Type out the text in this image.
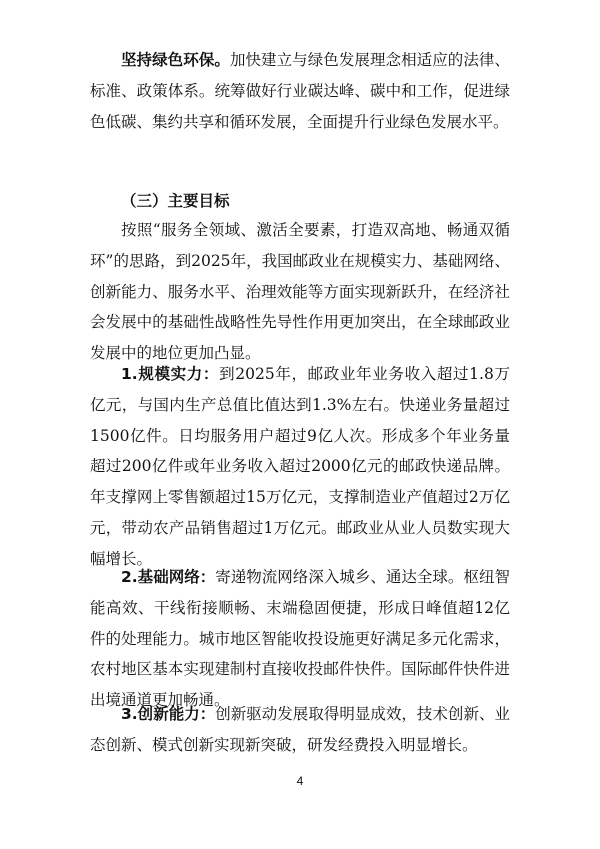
坚持绿色环保。加快建立与绿色发展理念相适应的法律、标准、政策体系。统筹做好行业碳达峰、碳中和工作，促进绿色低碳、集约共享和循环发展，全面提升行业绿色发展水平。

（三）主要目标

按照“服务全领域、激活全要素，打造双高地、畅通双循环”的思路，到2025年，我国邮政业在规模实力、基础网络、创新能力、服务水平、治理效能等方面实现新跃升，在经济社会发展中的基础性战略性先导性作用更加突出，在全球邮政业发展中的地位更加凸显。

1.规模实力：到2025年，邮政业年业务收入超过1.8万亿元，与国内生产总值比值达到1.3%左右。快递业务量超过1500亿件。日均服务用户超过9亿人次。形成多个年业务量超过200亿件或年业务收入超过2000亿元的邮政快递品牌。年支撑网上零售额超过15万亿元，支撑制造业产值超过2万亿元，带动农产品销售超过1万亿元。邮政业从业人员数实现大幅增长。

2.基础网络：寄递物流网络深入城乡、通达全球。枢纽智能高效、干线衔接顺畅、末端稳固便捷，形成日峰值超12亿件的处理能力。城市地区智能收投设施更好满足多元化需求，农村地区基本实现建制村直接收投邮件快件。国际邮件快件进出境通道更加畅通。

3.创新能力：创新驱动发展取得明显成效，技术创新、业态创新、模式创新实现新突破，研发经费投入明显增长。

4
